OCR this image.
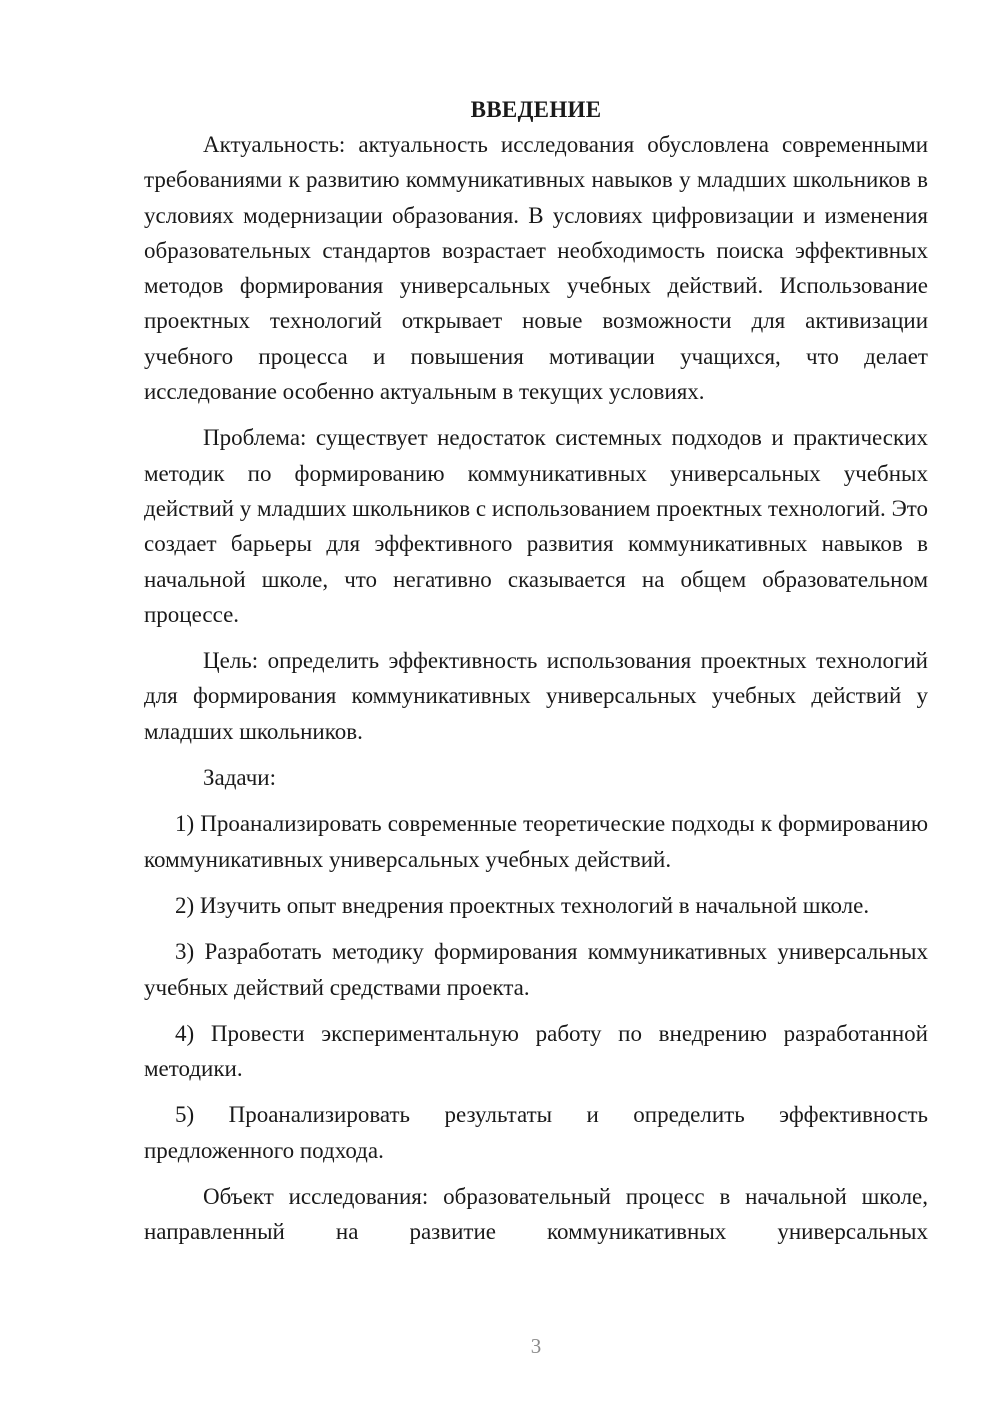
ВВЕДЕНИЕ

Актуальность: актуальность исследования обусловлена современными требованиями к развитию коммуникативных навыков у младших школьников в условиях модернизации образования. В условиях цифровизации и изменения образовательных стандартов возрастает необходимость поиска эффективных методов формирования универсальных учебных действий. Использование проектных технологий открывает новые возможности для активизации учебного процесса и повышения мотивации учащихся, что делает исследование особенно актуальным в текущих условиях.

Проблема: существует недостаток системных подходов и практических методик по формированию коммуникативных универсальных учебных действий у младших школьников с использованием проектных технологий. Это создает барьеры для эффективного развития коммуникативных навыков в начальной школе, что негативно сказывается на общем образовательном процессе.

Цель: определить эффективность использования проектных технологий для формирования коммуникативных универсальных учебных действий у младших школьников.

Задачи:

1) Проанализировать современные теоретические подходы к формированию коммуникативных универсальных учебных действий.

2) Изучить опыт внедрения проектных технологий в начальной школе.

3) Разработать методику формирования коммуникативных универсальных учебных действий средствами проекта.

4) Провести экспериментальную работу по внедрению разработанной методики.

5) Проанализировать результаты и определить эффективность предложенного подхода.

Объект исследования: образовательный процесс в начальной школе, направленный на развитие коммуникативных универсальных

3
